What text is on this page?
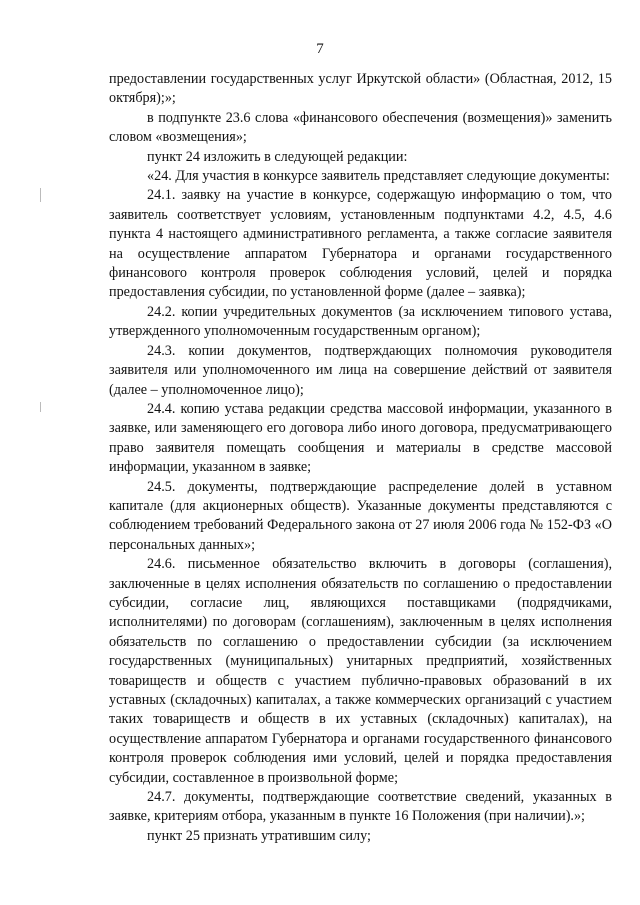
7

предоставлении государственных услуг Иркутской области» (Областная, 2012, 15 октября);»;

в подпункте 23.6 слова «финансового обеспечения (возмещения)» заменить словом «возмещения»;

пункт 24 изложить в следующей редакции:

«24. Для участия в конкурсе заявитель представляет следующие документы:

24.1. заявку на участие в конкурсе, содержащую информацию о том, что заявитель соответствует условиям, установленным подпунктами 4.2, 4.5, 4.6 пункта 4 настоящего административного регламента, а также согласие заявителя на осуществление аппаратом Губернатора и органами государственного финансового контроля проверок соблюдения условий, целей и порядка предоставления субсидии, по установленной форме (далее – заявка);

24.2. копии учредительных документов (за исключением типового устава, утвержденного уполномоченным государственным органом);

24.3. копии документов, подтверждающих полномочия руководителя заявителя или уполномоченного им лица на совершение действий от заявителя (далее – уполномоченное лицо);

24.4. копию устава редакции средства массовой информации, указанного в заявке, или заменяющего его договора либо иного договора, предусматривающего право заявителя помещать сообщения и материалы в средстве массовой информации, указанном в заявке;

24.5. документы, подтверждающие распределение долей в уставном капитале (для акционерных обществ). Указанные документы представляются с соблюдением требований Федерального закона от 27 июля 2006 года № 152-ФЗ «О персональных данных»;

24.6. письменное обязательство включить в договоры (соглашения), заключенные в целях исполнения обязательств по соглашению о предоставлении субсидии, согласие лиц, являющихся поставщиками (подрядчиками, исполнителями) по договорам (соглашениям), заключенным в целях исполнения обязательств по соглашению о предоставлении субсидии (за исключением государственных (муниципальных) унитарных предприятий, хозяйственных товариществ и обществ с участием публично-правовых образований в их уставных (складочных) капиталах, а также коммерческих организаций с участием таких товариществ и обществ в их уставных (складочных) капиталах), на осуществление аппаратом Губернатора и органами государственного финансового контроля проверок соблюдения ими условий, целей и порядка предоставления субсидии, составленное в произвольной форме;

24.7. документы, подтверждающие соответствие сведений, указанных в заявке, критериям отбора, указанным в пункте 16 Положения (при наличии).»;

пункт 25 признать утратившим силу;
